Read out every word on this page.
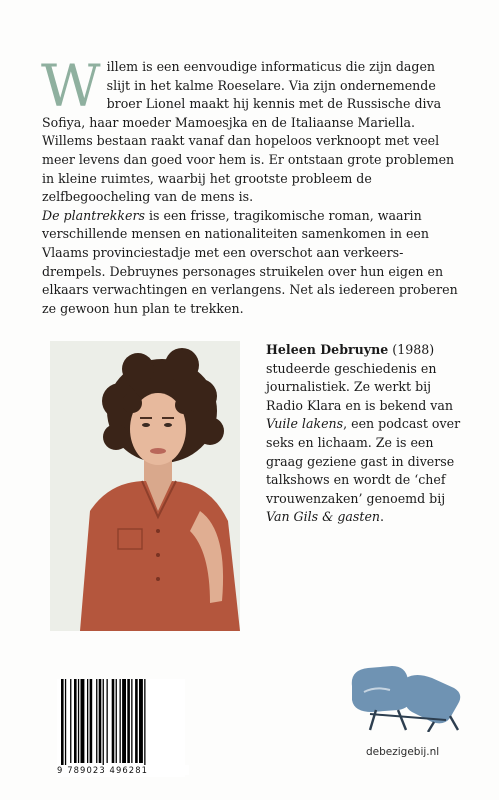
Willem is een eenvoudige informaticus die zijn dagen slijt in het kalme Roeselare. Via zijn ondernemende broer Lionel maakt hij kennis met de Russische diva Sofiya, haar moeder Mamoesjka en de Italiaanse Mariella. Willems bestaan raakt vanaf dan hopeloos verknoopt met veel meer levens dan goed voor hem is. Er ontstaan grote problemen in kleine ruimtes, waarbij het grootste probleem de zelfbegoocheling van de mens is.

De plantrekkers is een frisse, tragikomische roman, waarin verschillende mensen en nationaliteiten samenkomen in een Vlaams provinciestadje met een overschot aan verkeers-drempels. Debruynes personages struikelen over hun eigen en elkaars verwachtingen en verlangens. Net als iedereen proberen ze gewoon hun plan te trekken.

Heleen Debruyne (1988) studeerde geschiedenis en journalistiek. Ze werkt bij Radio Klara en is bekend van Vuile lakens, een podcast over seks en lichaam. Ze is een graag geziene gast in diverse talkshows en wordt de ‘chef vrouwenzaken’ genoemd bij Van Gils & gasten.

9 789023 496281
debezigebij.nl
